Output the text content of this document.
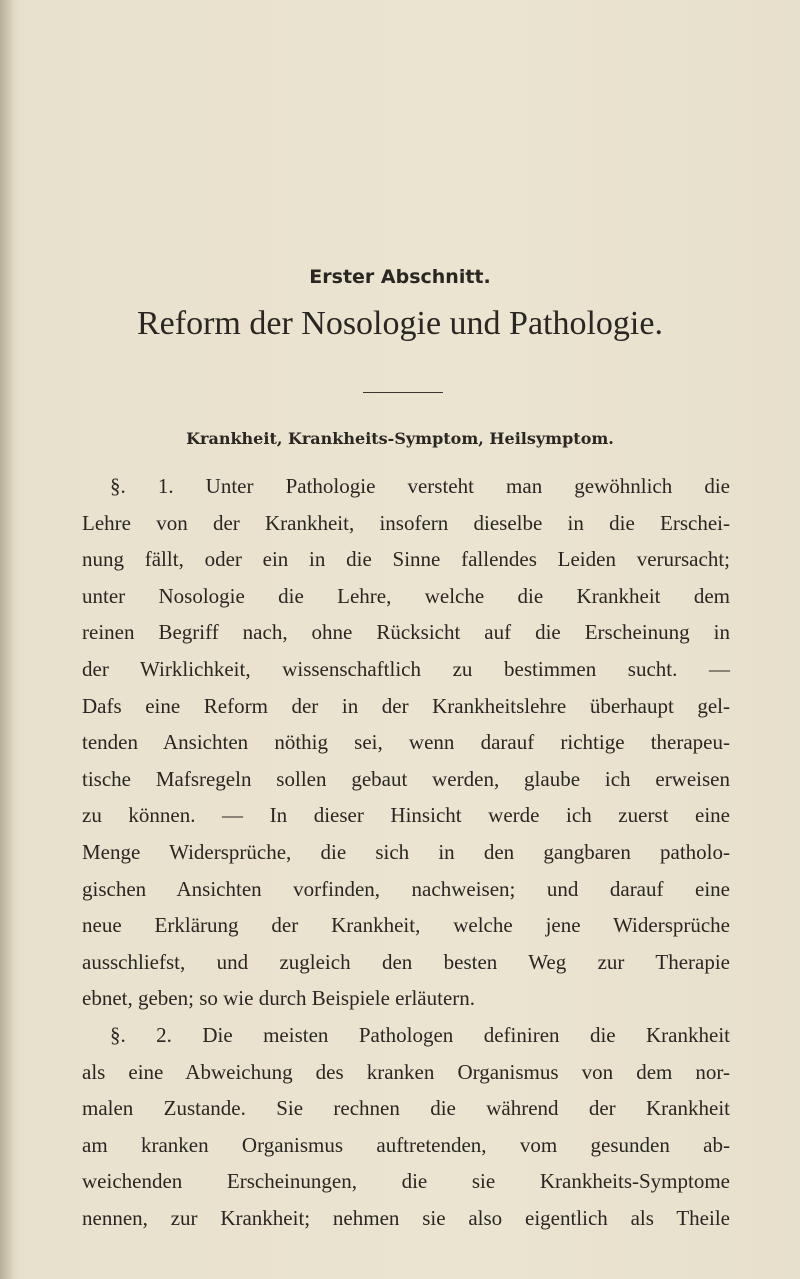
Erster Abschnitt.
Reform der Nosologie und Pathologie.
Krankheit, Krankheits-Symptom, Heilsymptom.
§. 1. Unter Pathologie versteht man gewöhnlich die
Lehre von der Krankheit, insofern dieselbe in die Erschei-
nung fällt, oder ein in die Sinne fallendes Leiden verursacht;
unter Nosologie die Lehre, welche die Krankheit dem
reinen Begriff nach, ohne Rücksicht auf die Erscheinung in
der Wirklichkeit, wissenschaftlich zu bestimmen sucht. —
Dafs eine Reform der in der Krankheitslehre überhaupt gel-
tenden Ansichten nöthig sei, wenn darauf richtige therapeu-
tische Mafsregeln sollen gebaut werden, glaube ich erweisen
zu können. — In dieser Hinsicht werde ich zuerst eine
Menge Widersprüche, die sich in den gangbaren patholo-
gischen Ansichten vorfinden, nachweisen; und darauf eine
neue Erklärung der Krankheit, welche jene Widersprüche
ausschliefst, und zugleich den besten Weg zur Therapie
ebnet, geben; so wie durch Beispiele erläutern.
§. 2. Die meisten Pathologen definiren die Krankheit
als eine Abweichung des kranken Organismus von dem nor-
malen Zustande. Sie rechnen die während der Krankheit
am kranken Organismus auftretenden, vom gesunden ab-
weichenden Erscheinungen, die sie Krankheits-Symptome
nennen, zur Krankheit; nehmen sie also eigentlich als Theile
